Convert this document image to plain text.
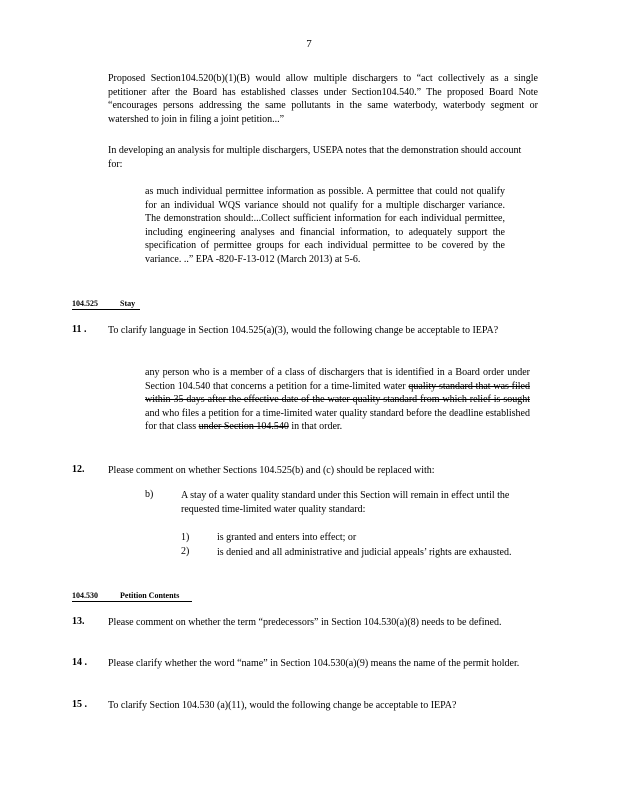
7
Proposed Section104.520(b)(1)(B) would allow multiple dischargers to “act collectively as a single petitioner after the Board has established classes under Section104.540.” The proposed Board Note “encourages persons addressing the same pollutants in the same waterbody, waterbody segment or watershed to join in filing a joint petition...”
In developing an analysis for multiple dischargers, USEPA notes that the demonstration should account for:
as much individual permittee information as possible. A permittee that could not qualify for an individual WQS variance should not qualify for a multiple discharger variance. The demonstration should:...Collect sufficient information for each individual permittee, including engineering analyses and financial information, to adequately support the specification of permittee groups for each individual permittee to be covered by the variance. ..” EPA -820-F-13-012 (March 2013) at 5-6.
104.525	Stay
11 . To clarify language in Section 104.525(a)(3), would the following change be acceptable to IEPA?
any person who is a member of a class of dischargers that is identified in a Board order under Section 104.540 that concerns a petition for a time-limited water quality standard that was filed within 35 days after the effective date of the water quality standard from which relief is sought and who files a petition for a time-limited water quality standard before the deadline established for that class under Section 104.540 in that order.
12. Please comment on whether Sections 104.525(b) and (c) should be replaced with:
b)	A stay of a water quality standard under this Section will remain in effect until the requested time-limited water quality standard:
1)	is granted and enters into effect; or
2)	is denied and all administrative and judicial appeals’ rights are exhausted.
104.530	Petition Contents
13. Please comment on whether the term “predecessors” in Section 104.530(a)(8) needs to be defined.
14 . Please clarify whether the word “name” in Section 104.530(a)(9) means the name of the permit holder.
15 . To clarify Section 104.530 (a)(11), would the following change be acceptable to IEPA?
